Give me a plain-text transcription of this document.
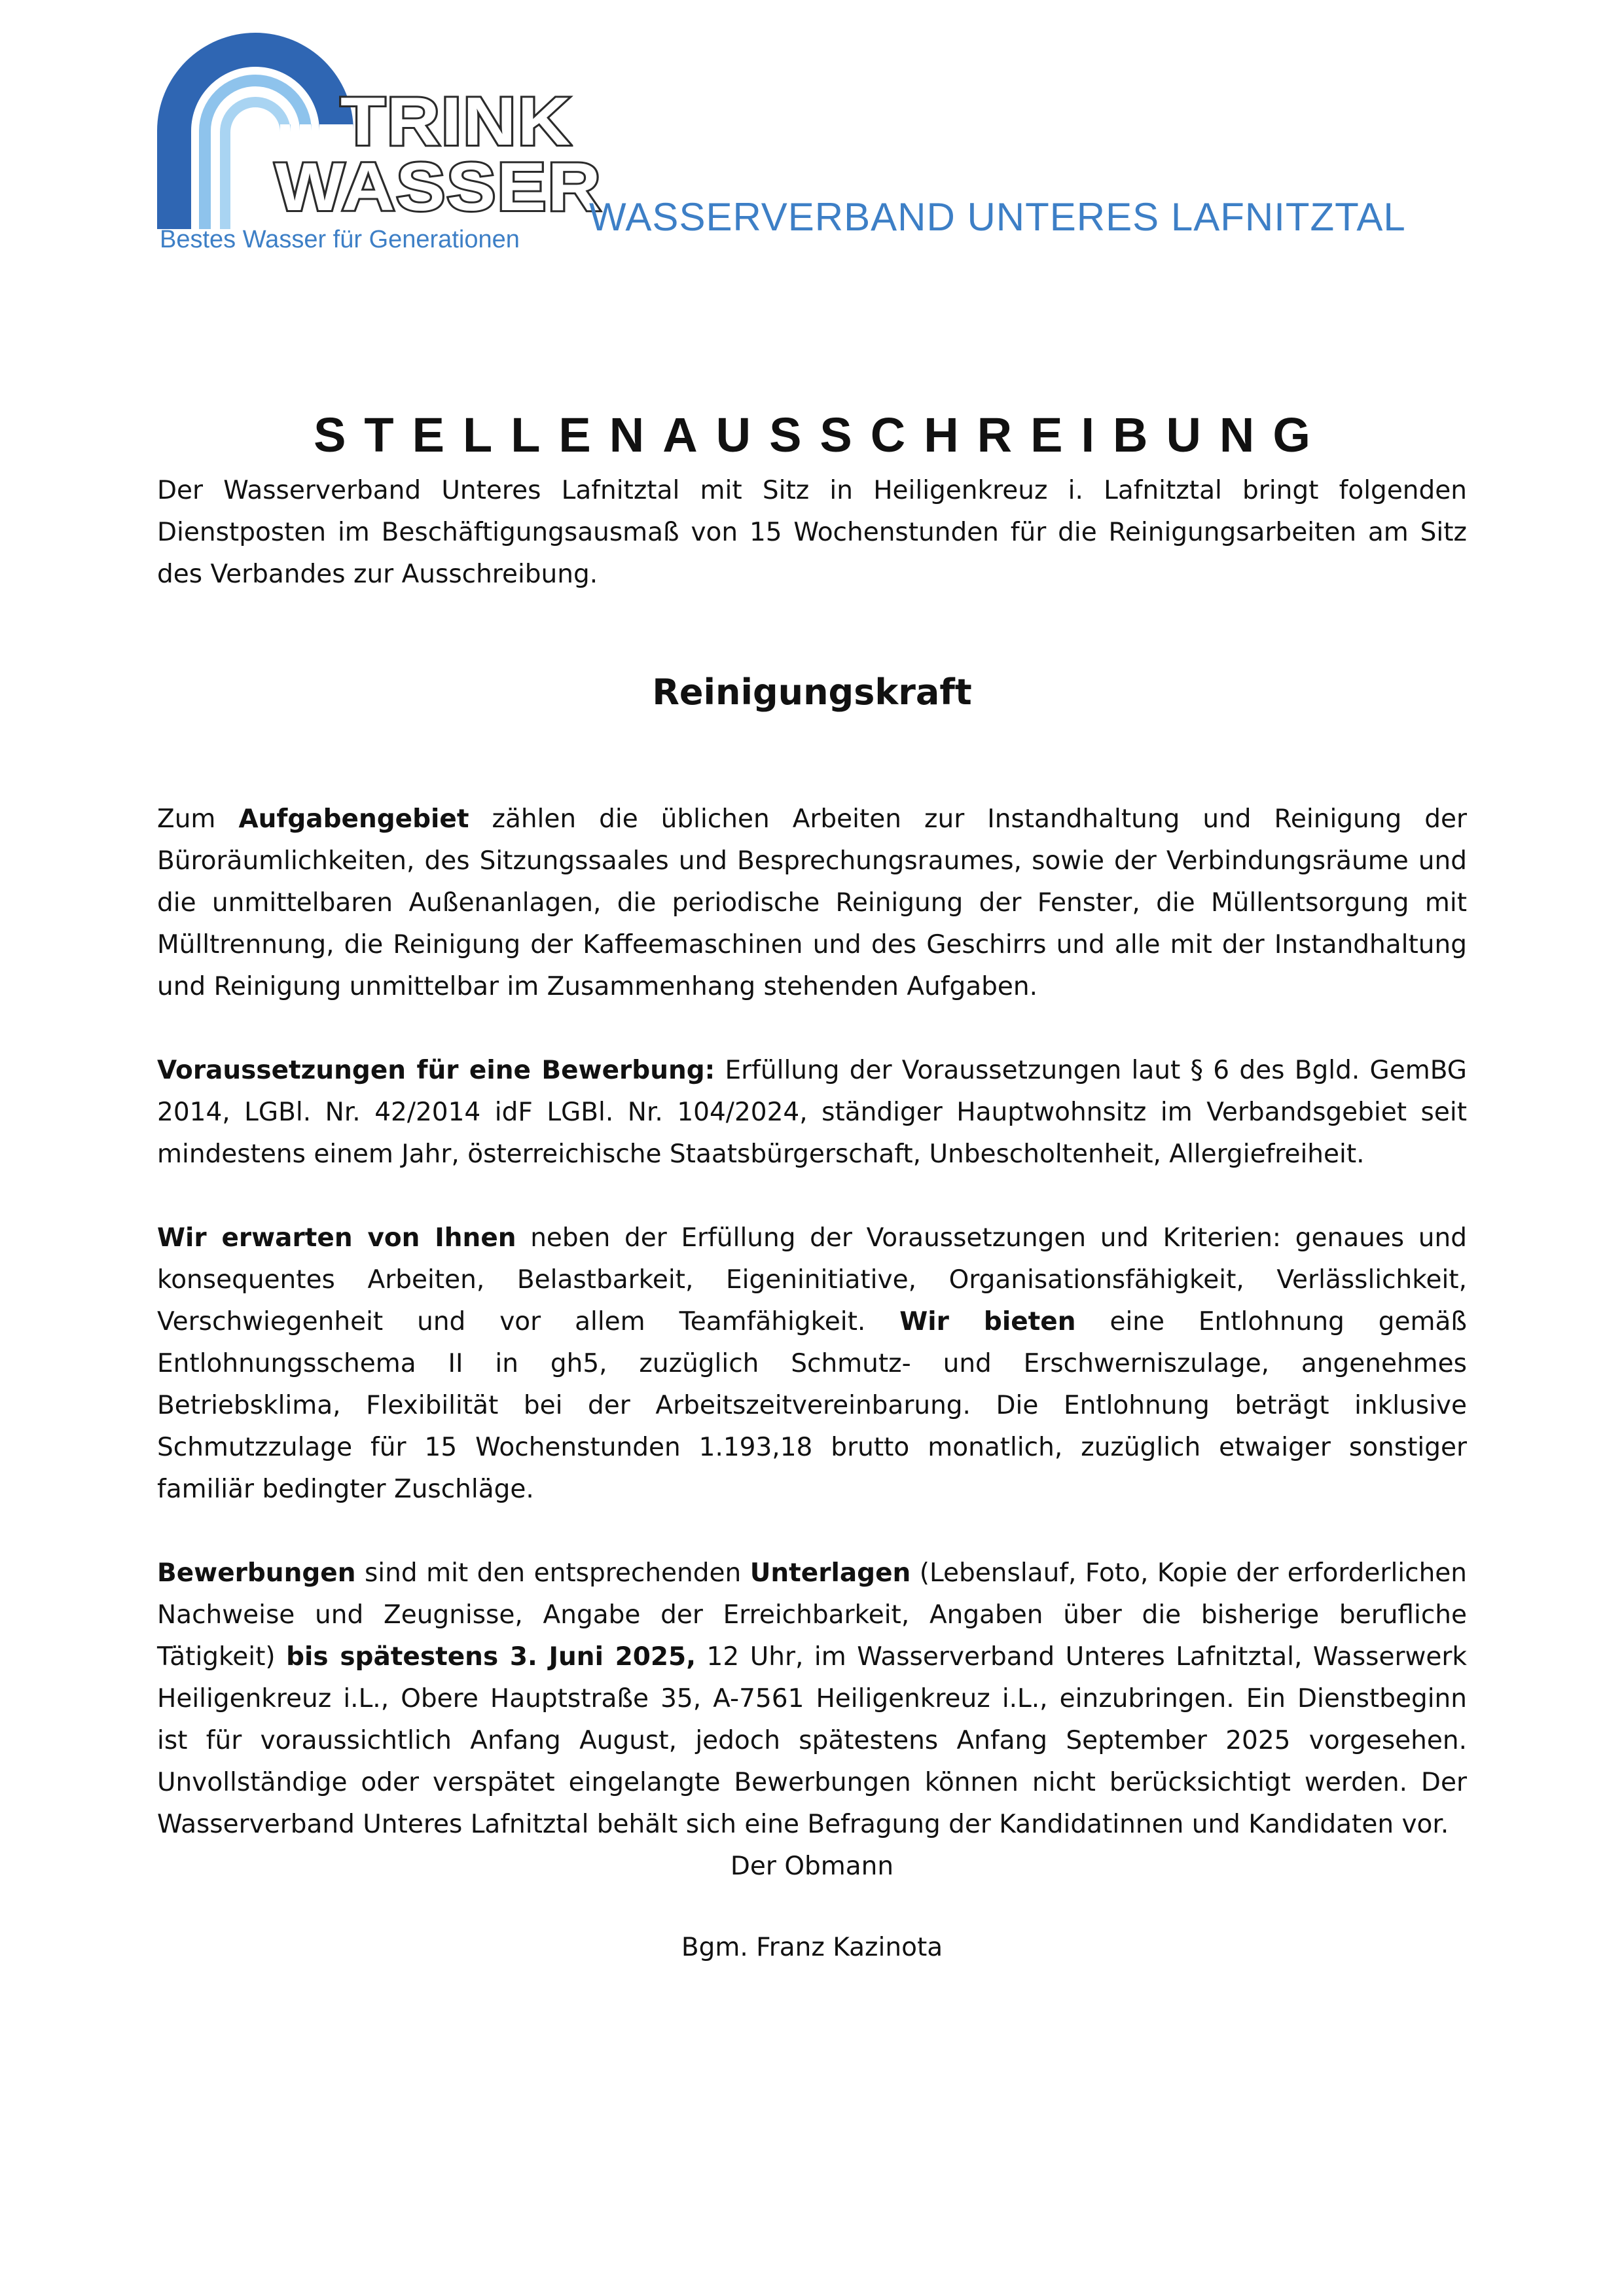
TRINK
WASSER
WASSERVERBAND UNTERES LAFNITZTAL
Bestes Wasser für Generationen
STELLENAUSSCHREIBUNG

Der Wasserverband Unteres Lafnitztal mit Sitz in Heiligenkreuz i. Lafnitztal bringt folgenden Dienstposten im Beschäftigungsausmaß von 15 Wochenstunden für die Reinigungsarbeiten am Sitz des Verbandes zur Ausschreibung.

Reinigungskraft

Zum Aufgabengebiet zählen die üblichen Arbeiten zur Instandhaltung und Reinigung der Büroräumlichkeiten, des Sitzungssaales und Besprechungsraumes, sowie der Verbindungsräume und die unmittelbaren Außenanlagen, die periodische Reinigung der Fenster, die Müllentsorgung mit Mülltrennung, die Reinigung der Kaffeemaschinen und des Geschirrs und alle mit der Instandhaltung und Reinigung unmittelbar im Zusammenhang stehenden Aufgaben.

Voraussetzungen für eine Bewerbung: Erfüllung der Voraussetzungen laut § 6 des Bgld. GemBG 2014, LGBl. Nr. 42/2014 idF LGBl. Nr. 104/2024, ständiger Hauptwohnsitz im Verbandsgebiet seit mindestens einem Jahr, österreichische Staatsbürgerschaft, Unbescholtenheit, Allergiefreiheit.

Wir erwarten von Ihnen neben der Erfüllung der Voraussetzungen und Kriterien: genaues und konsequentes Arbeiten, Belastbarkeit, Eigeninitiative, Organisationsfähigkeit, Verlässlichkeit, Verschwiegenheit und vor allem Teamfähigkeit. Wir bieten eine Entlohnung gemäß Entlohnungsschema II in gh5, zuzüglich Schmutz- und Erschwerniszulage, angenehmes Betriebsklima, Flexibilität bei der Arbeitszeitvereinbarung. Die Entlohnung beträgt inklusive Schmutzzulage für 15 Wochenstunden 1.193,18 brutto monatlich, zuzüglich etwaiger sonstiger familiär bedingter Zuschläge.

Bewerbungen sind mit den entsprechenden Unterlagen (Lebenslauf, Foto, Kopie der erforderlichen Nachweise und Zeugnisse, Angabe der Erreichbarkeit, Angaben über die bisherige berufliche Tätigkeit) bis spätestens 3. Juni 2025, 12 Uhr, im Wasserverband Unteres Lafnitztal, Wasserwerk Heiligenkreuz i.L., Obere Hauptstraße 35, A-7561 Heiligenkreuz i.L., einzubringen. Ein Dienstbeginn ist für voraussichtlich Anfang August, jedoch spätestens Anfang September 2025 vorgesehen. Unvollständige oder verspätet eingelangte Bewerbungen können nicht berücksichtigt werden. Der Wasserverband Unteres Lafnitztal behält sich eine Befragung der Kandidatinnen und Kandidaten vor.

Der Obmann
Bgm. Franz Kazinota
